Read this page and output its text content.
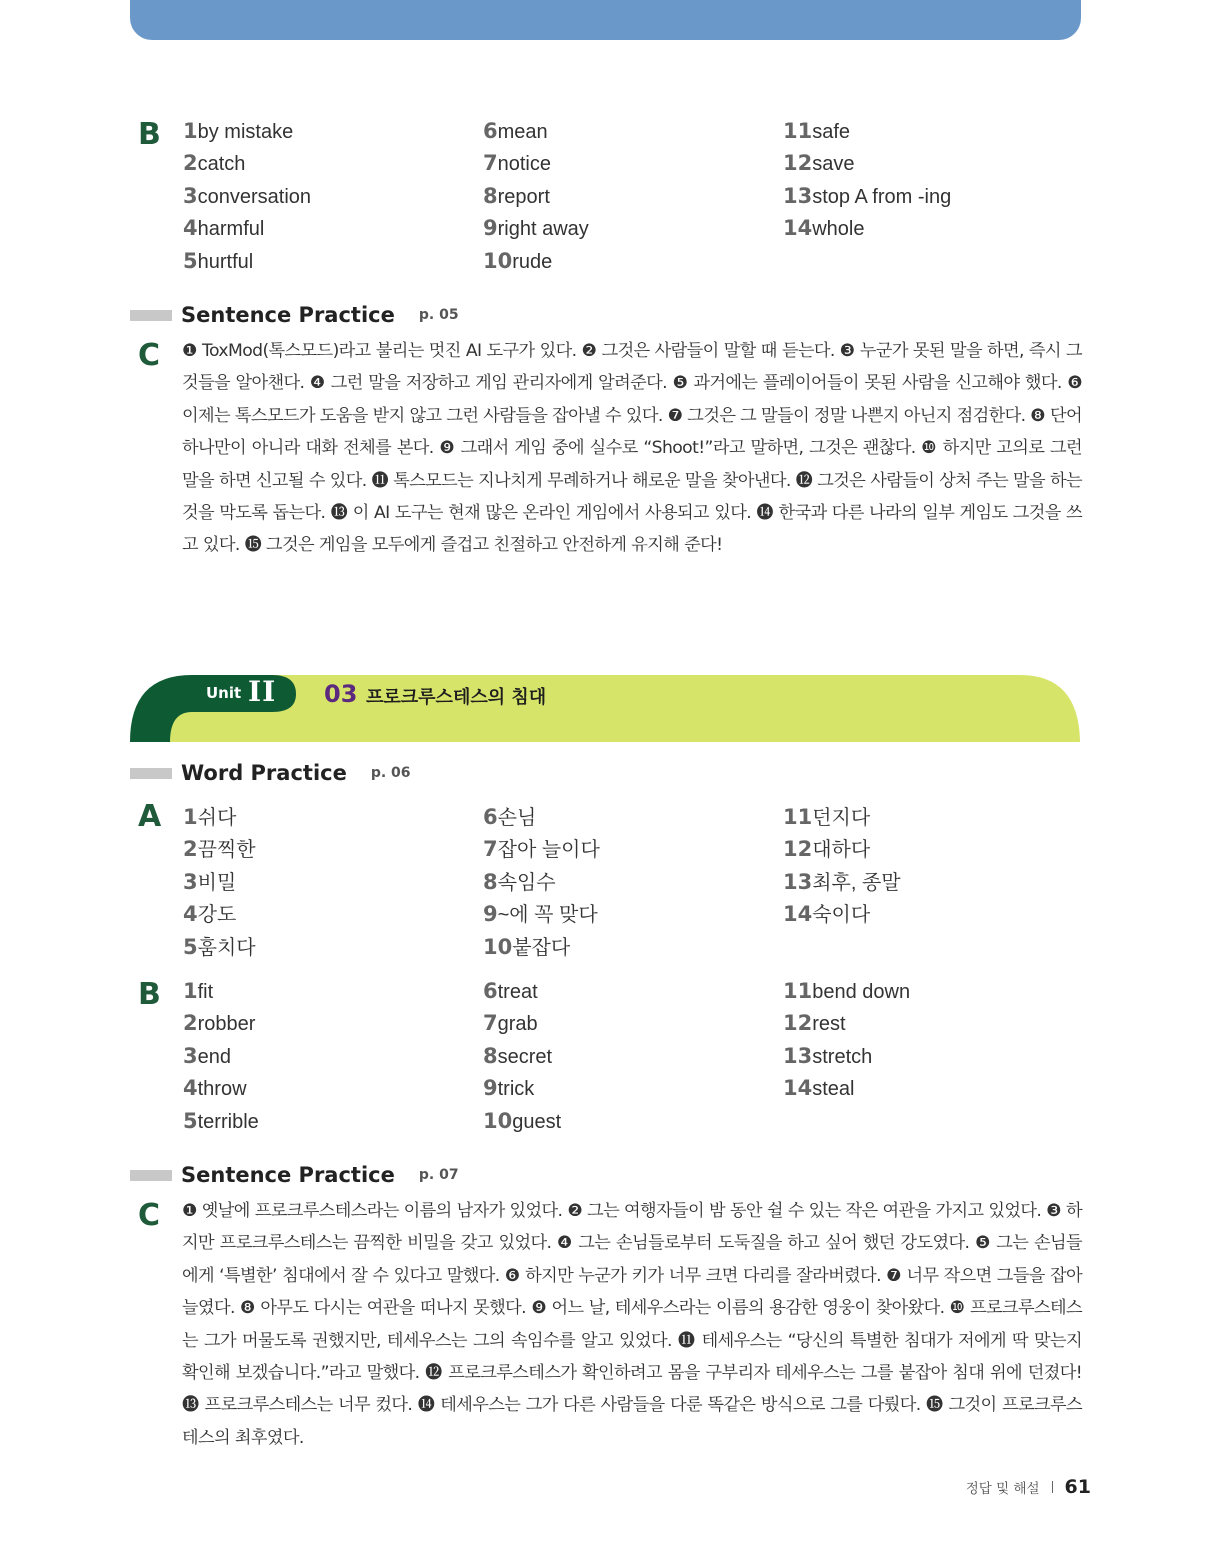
B 1by mistake
2catch
3conversation
4harmful
5hurtful
6mean
7notice
8report
9right away
10rude
11safe
12save
13stop A from -ing
14whole
Sentence Practice p. 05
C ❶ ToxMod(톡스모드)라고 불리는 멋진 AI 도구가 있다. ❷ 그것은 사람들이 말할 때 듣는다. ❸ 누군가 못된 말을 하면, 즉시 그것들을 알아챈다. ❹ 그런 말을 저장하고 게임 관리자에게 알려준다. ❺ 과거에는 플레이어들이 못된 사람을 신고해야 했다. ❻ 이제는 톡스모드가 도움을 받지 않고 그런 사람들을 잡아낼 수 있다. ❼ 그것은 그 말들이 정말 나쁜지 아닌지 점검한다. ❽ 단어 하나만이 아니라 대화 전체를 본다. ❾ 그래서 게임 중에 실수로 “Shoot!”라고 말하면, 그것은 괜찮다. ❿ 하지만 고의로 그런 말을 하면 신고될 수 있다. ⓫ 톡스모드는 지나치게 무례하거나 해로운 말을 찾아낸다. ⓬ 그것은 사람들이 상처 주는 말을 하는 것을 막도록 돕는다. ⓭ 이 AI 도구는 현재 많은 온라인 게임에서 사용되고 있다. ⓮ 한국과 다른 나라의 일부 게임도 그것을 쓰고 있다. ⓯ 그것은 게임을 모두에게 즐겁고 친절하고 안전하게 유지해 준다!
Unit II 03 프로크루스테스의 침대
Word Practice p. 06
A 1쉬다
2끔찍한
3비밀
4강도
5훔치다
6손님
7잡아 늘이다
8속임수
9~에 꼭 맞다
10붙잡다
11던지다
12대하다
13최후, 종말
14숙이다
B 1fit
2robber
3end
4throw
5terrible
6treat
7grab
8secret
9trick
10guest
11bend down
12rest
13stretch
14steal
Sentence Practice p. 07
C ❶ 옛날에 프로크루스테스라는 이름의 남자가 있었다. ❷ 그는 여행자들이 밤 동안 쉴 수 있는 작은 여관을 가지고 있었다. ❸ 하지만 프로크루스테스는 끔찍한 비밀을 갖고 있었다. ❹ 그는 손님들로부터 도둑질을 하고 싶어 했던 강도였다. ❺ 그는 손님들에게 ‘특별한’ 침대에서 잘 수 있다고 말했다. ❻ 하지만 누군가 키가 너무 크면 다리를 잘라버렸다. ❼ 너무 작으면 그들을 잡아 늘였다. ❽ 아무도 다시는 여관을 떠나지 못했다. ❾ 어느 날, 테세우스라는 이름의 용감한 영웅이 찾아왔다. ❿ 프로크루스테스는 그가 머물도록 권했지만, 테세우스는 그의 속임수를 알고 있었다. ⓫ 테세우스는 “당신의 특별한 침대가 저에게 딱 맞는지 확인해 보겠습니다.”라고 말했다. ⓬ 프로크루스테스가 확인하려고 몸을 구부리자 테세우스는 그를 붙잡아 침대 위에 던졌다! ⓭ 프로크루스테스는 너무 컸다. ⓮ 테세우스는 그가 다른 사람들을 다룬 똑같은 방식으로 그를 다뤘다. ⓯ 그것이 프로크루스테스의 최후였다.
정답 및 해설 61
